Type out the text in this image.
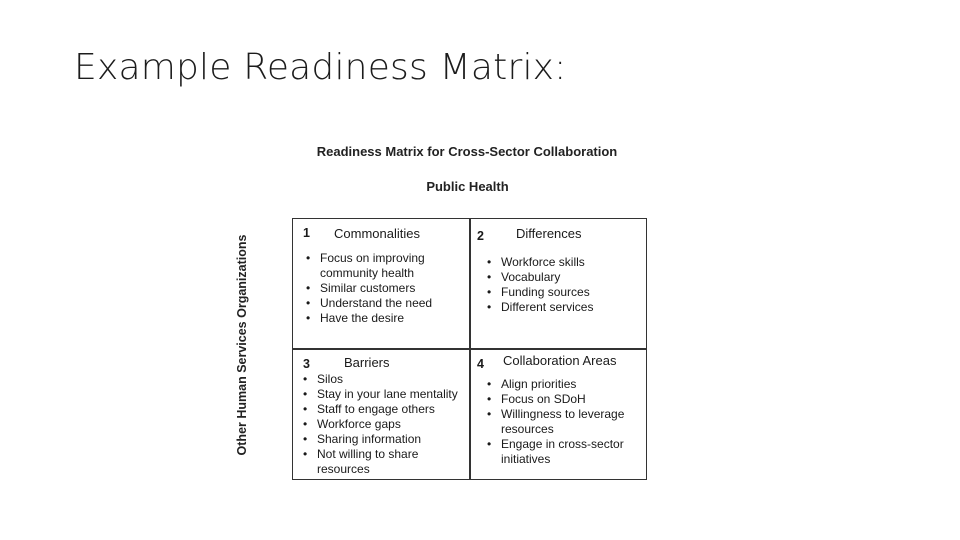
Example Readiness Matrix:

Readiness Matrix for Cross-Sector Collaboration

Public Health

Other Human Services Organizations
1 Commonalities
• Focus on improving community health
• Similar customers
• Understand the need
• Have the desire
2 Differences
• Workforce skills
• Vocabulary
• Funding sources
• Different services
3	Barriers
• Silos
• Stay in your lane mentality
• Staff to engage others
• Workforce gaps
• Sharing information
• Not willing to share resources
4 Collaboration Areas
• Align priorities
• Focus on SDoH
• Willingness to leverage resources
• Engage in cross-sector initiatives
